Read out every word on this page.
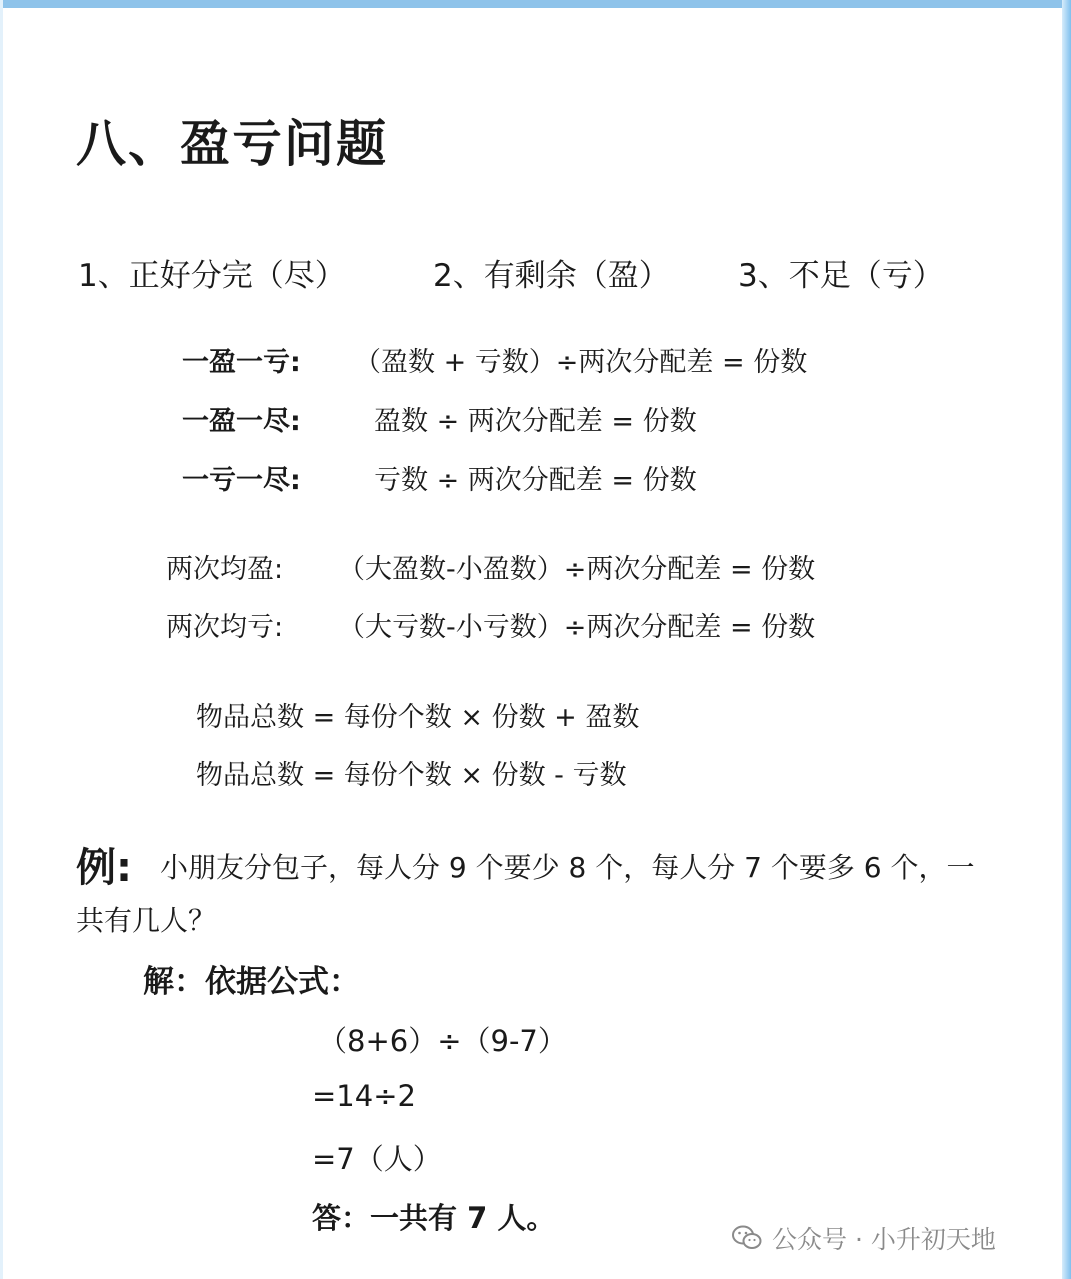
八、盈亏问题
1、正好分完（尽）	2、有剩余（盈） 3、不足（亏）

一盈一亏:

（盈数 + 亏数）÷两次分配差 = 份数

一盈一尽:

	盈数 ÷ 两次分配差 = 份数

一亏一尽:

	亏数 ÷ 两次分配差 = 份数

两次均盈:

（大盈数-小盈数）÷两次分配差 = 份数

两次均亏:

（大亏数-小亏数）÷两次分配差 = 份数

物品总数 = 每份个数 × 份数 + 盈数
物品总数 = 每份个数 × 份数 - 亏数
例: 小朋友分包子，每人分 9 个要少 8 个，每人分 7 个要多 6 个，一
共有几人？
解：依据公式：
（8+6）÷（9-7）
=14÷2
=7（人）
答：一共有 7 人。
公众号 · 小升初天地
